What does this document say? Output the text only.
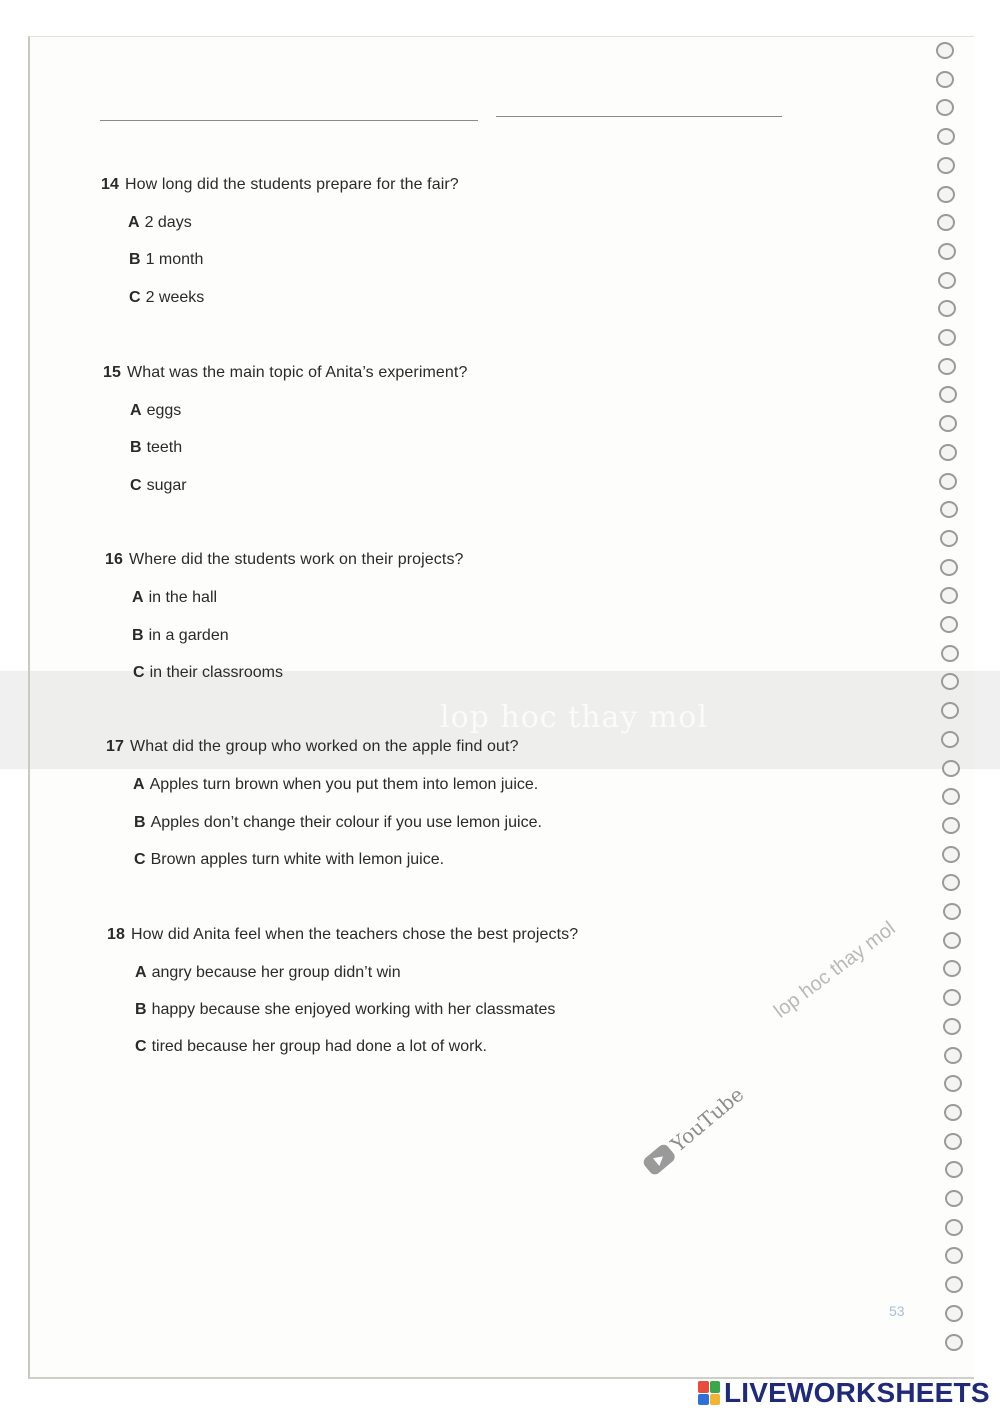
lop hoc thay mol
14 How long did the students prepare for the fair?
A 2 days
B 1 month
C 2 weeks
15 What was the main topic of Anita’s experiment?
A eggs
B teeth
C sugar
16 Where did the students work on their projects?
A in the hall
B in a garden
C in their classrooms
17 What did the group who worked on the apple find out?
A Apples turn brown when you put them into lemon juice.
B Apples don’t change their colour if you use lemon juice.
C Brown apples turn white with lemon juice.
18 How did Anita feel when the teachers chose the best projects?
A angry because her group didn’t win
B happy because she enjoyed working with her classmates
C tired because her group had done a lot of work.
lop hoc thay mol
YouTube
53
LIVEWORKSHEETS
